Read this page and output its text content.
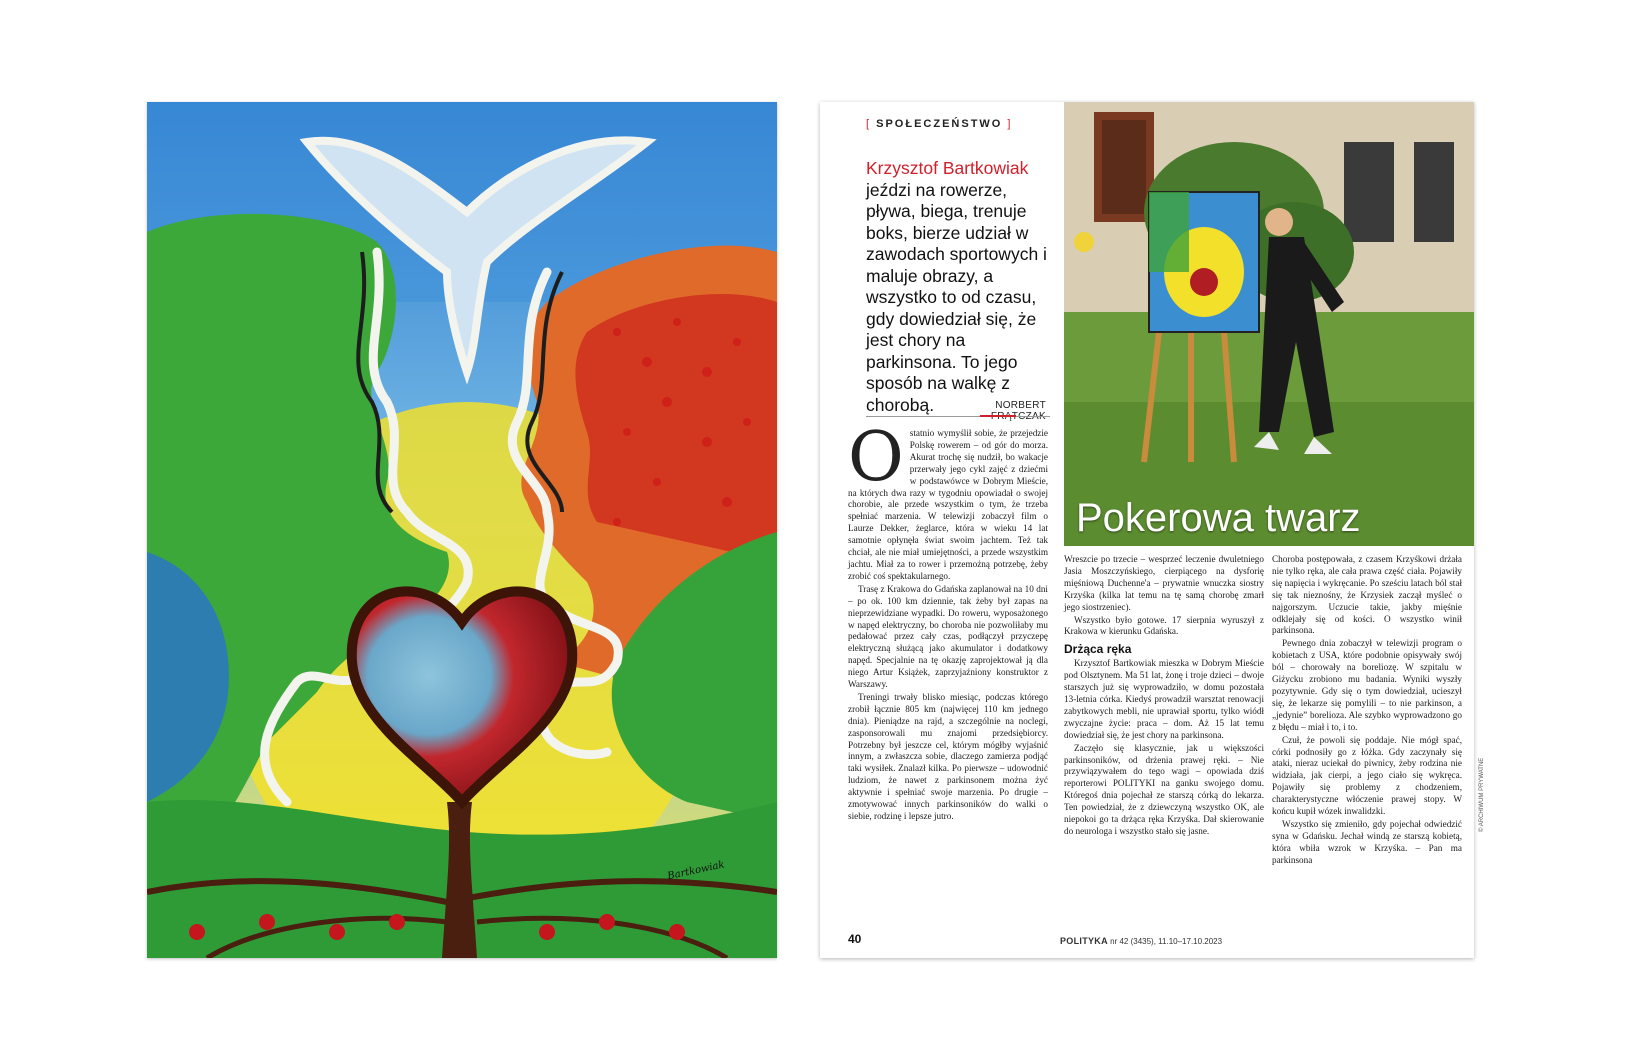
Bartkowiak
[ SPOŁECZEŃSTWO ]
Krzysztof Bartkowiak
jeździ na rowerze, pływa, biega, trenuje boks, bierze udział w zawodach sportowych i maluje obrazy, a wszystko to od czasu, gdy dowiedział się, że jest chory na parkinsona. To jego sposób na walkę z chorobą.	NORBERT
Pokerowa twarz

Ostatnio wymyślił sobie, że przejedzie Polskę rowerem – od gór do morza. Akurat trochę się nudził, bo wakacje przerwały jego cykl zajęć z dziećmi w podstawówce w Dobrym Mieście, na których dwa razy w tygodniu opowiadał o swojej chorobie, ale przede wszystkim o tym, że trzeba spełniać marzenia. W telewizji zobaczył film o Laurze Dekker, żeglarce, która w wieku 14 lat samotnie opłynęła świat swoim jachtem. Też tak chciał, ale nie miał umiejętności, a przede wszystkim jachtu. Miał za to rower i przemożną potrzebę, żeby zrobić coś spektakularnego.

Trasę z Krakowa do Gdańska zaplanował na 10 dni – po ok. 100 km dziennie, tak żeby był zapas na nieprzewidziane wypadki. Do roweru, wyposażonego w napęd elektryczny, bo choroba nie pozwoliłaby mu pedałować przez cały czas, podłączył przyczepę elektryczną służącą jako akumulator i dodatkowy napęd. Specjalnie na tę okazję zaprojektował ją dla niego Artur Książek, zaprzyjaźniony konstruktor z Warszawy.

Treningi trwały blisko miesiąc, podczas którego zrobił łącznie 805 km (najwięcej 110 km jednego dnia). Pieniądze na rajd, a szczególnie na noclegi, zasponsorowali mu znajomi przedsiębiorcy. Potrzebny był jeszcze cel, którym mógłby wyjaśnić innym, a zwłaszcza sobie, dlaczego zamierza podjąć taki wysiłek. Znalazł kilka. Po pierwsze – udowodnić ludziom, że nawet z parkinsonem można żyć aktywnie i spełniać swoje marzenia. Po drugie – zmotywować innych parkinsoników do walki o siebie, rodzinę i lepsze jutro.

Wreszcie po trzecie – wesprzeć leczenie dwuletniego Jasia Moszczyńskiego, cierpiącego na dysforię mięśniową Duchenne'a – prywatnie wnuczka siostry Krzyśka (kilka lat temu na tę samą chorobę zmarł jego siostrzeniec).

Wszystko było gotowe. 17 sierpnia wyruszył z Krakowa w kierunku Gdańska.

Drżąca ręka

Krzysztof Bartkowiak mieszka w Dobrym Mieście pod Olsztynem. Ma 51 lat, żonę i troje dzieci – dwoje starszych już się wyprowadziło, w domu pozostała 13-letnia córka. Kiedyś prowadził warsztat renowacji zabytkowych mebli, nie uprawiał sportu, tylko wiódł zwyczajne życie: praca – dom. Aż 15 lat temu dowiedział się, że jest chory na parkinsona.

Zaczęło się klasycznie, jak u większości parkinsoników, od drżenia prawej ręki. – Nie przywiązywałem do tego wagi – opowiada dziś reporterowi POLITYKI na ganku swojego domu. Któregoś dnia pojechał ze starszą córką do lekarza. Ten powiedział, że z dziewczyną wszystko OK, ale niepokoi go ta drżąca ręka Krzyśka. Dał skierowanie do neurologa i wszystko stało się jasne.

Choroba postępowała, z czasem Krzyśkowi drżała nie tylko ręka, ale cała prawa część ciała. Pojawiły się napięcia i wykręcanie. Po sześciu latach ból stał się tak nieznośny, że Krzysiek zaczął myśleć o najgorszym. Uczucie takie, jakby mięśnie odklejały się od kości. O wszystko winił parkinsona.

Pewnego dnia zobaczył w telewizji program o kobietach z USA, które podobnie opisywały swój ból – chorowały na boreliozę. W szpitalu w Giżycku zrobiono mu badania. Wyniki wyszły pozytywnie. Gdy się o tym dowiedział, ucieszył się, że lekarze się pomylili – to nie parkinson, a „jedynie” borelioza. Ale szybko wyprowadzono go z błędu – miał i to, i to.

Czuł, że powoli się poddaje. Nie mógł spać, córki podnosiły go z łóżka. Gdy zaczynały się ataki, nieraz uciekał do piwnicy, żeby rodzina nie widziała, jak cierpi, a jego ciało się wykręca. Pojawiły się problemy z chodzeniem, charakterystyczne włóczenie prawej stopy. W końcu kupił wózek inwalidzki.

Wszystko się zmieniło, gdy pojechał odwiedzić syna w Gdańsku. Jechał windą ze starszą kobietą, która wbiła wzrok w Krzyśka. – Pan ma parkinsona

40	POLITYKA nr 42 (3435), 11.10–17.10.2023
© ARCHIWUM PRYWATNE
